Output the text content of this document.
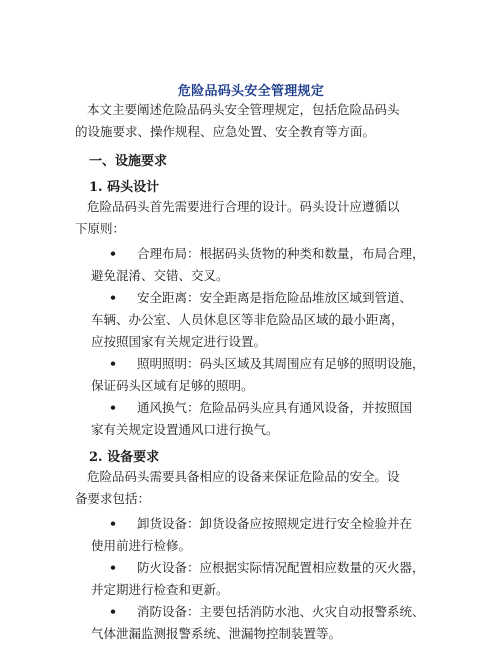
危险品码头安全管理规定
本文主要阐述危险品码头安全管理规定，包括危险品码头
的设施要求、操作规程、应急处置、安全教育等方面。
一、设施要求
1. 码头设计
危险品码头首先需要进行合理的设计。码头设计应遵循以
下原则：
• 合理布局：根据码头货物的种类和数量，布局合理，
避免混淆、交错、交叉。
• 安全距离：安全距离是指危险品堆放区域到管道、
车辆、办公室、人员休息区等非危险品区域的最小距离，
应按照国家有关规定进行设置。
• 照明照明：码头区域及其周围应有足够的照明设施，
保证码头区域有足够的照明。
• 通风换气：危险品码头应具有通风设备，并按照国
家有关规定设置通风口进行换气。
2. 设备要求
危险品码头需要具备相应的设备来保证危险品的安全。设
备要求包括：
• 卸货设备：卸货设备应按照规定进行安全检验并在
使用前进行检修。
• 防火设备：应根据实际情况配置相应数量的灭火器，
并定期进行检查和更新。
• 消防设备：主要包括消防水池、火灾自动报警系统、
气体泄漏监测报警系统、泄漏物控制装置等。
